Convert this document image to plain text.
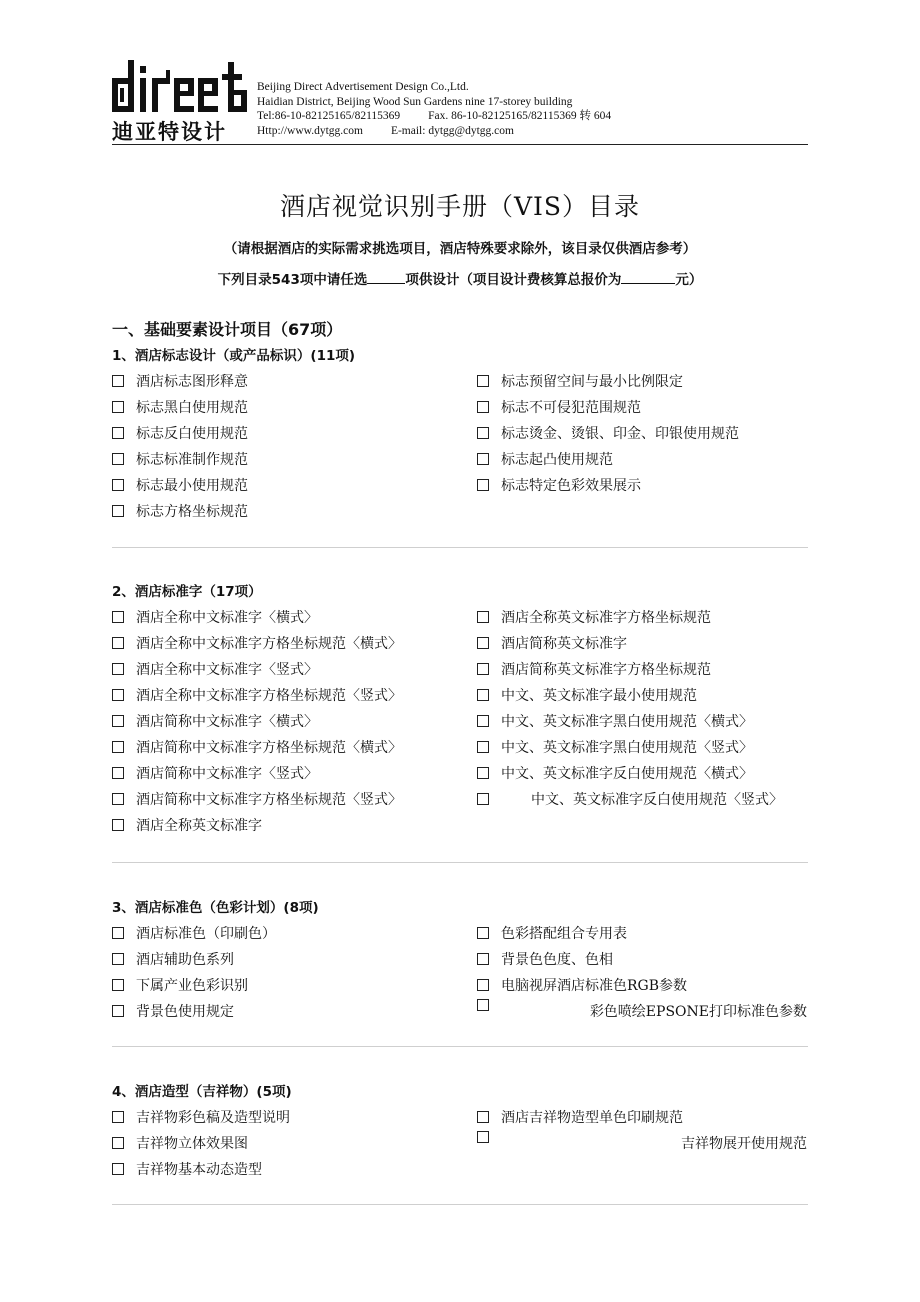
迪亚特设计
Beijing Direct Advertisement Design Co.,Ltd.
Haidian District, Beijing Wood Sun Gardens nine 17-storey building
Tel:86-10-82125165/82115369 Fax. 86-10-82125165/82115369 转 604
Http://www.dytgg.com E-mail: dytgg@dytgg.com
酒店视觉识别手册（VIS）目录
（请根据酒店的实际需求挑选项目，酒店特殊要求除外，该目录仅供酒店参考）
下列目录543项中请任选	项供设计（项目设计费核算总报价为	元）
一、基础要素设计项目（67项）
1、酒店标志设计（或产品标识）(11项)
酒店标志图形释意
标志黑白使用规范
标志反白使用规范
标志标准制作规范
标志最小使用规范
标志方格坐标规范
标志预留空间与最小比例限定
标志不可侵犯范围规范
标志烫金、烫银、印金、印银使用规范
标志起凸使用规范
标志特定色彩效果展示
2、酒店标准字（17项）
酒店全称中文标准字〈横式〉
酒店全称中文标准字方格坐标规范〈横式〉
酒店全称中文标准字〈竖式〉
酒店全称中文标准字方格坐标规范〈竖式〉
酒店简称中文标准字〈横式〉
酒店简称中文标准字方格坐标规范〈横式〉
酒店简称中文标准字〈竖式〉
酒店简称中文标准字方格坐标规范〈竖式〉
酒店全称英文标准字
酒店全称英文标准字方格坐标规范
酒店简称英文标准字
酒店简称英文标准字方格坐标规范
中文、英文标准字最小使用规范
中文、英文标准字黑白使用规范〈横式〉
中文、英文标准字黑白使用规范〈竖式〉
中文、英文标准字反白使用规范〈横式〉
中文、英文标准字反白使用规范〈竖式〉
3、酒店标准色（色彩计划）(8项)
酒店标准色（印刷色）
酒店辅助色系列
下属产业色彩识别
背景色使用规定
色彩搭配组合专用表
背景色色度、色相
电脑视屏酒店标准色RGB参数
彩色喷绘EPSONE打印标准色参数
4、酒店造型（吉祥物）(5项)
吉祥物彩色稿及造型说明
吉祥物立体效果图
吉祥物基本动态造型
酒店吉祥物造型单色印刷规范
吉祥物展开使用规范
